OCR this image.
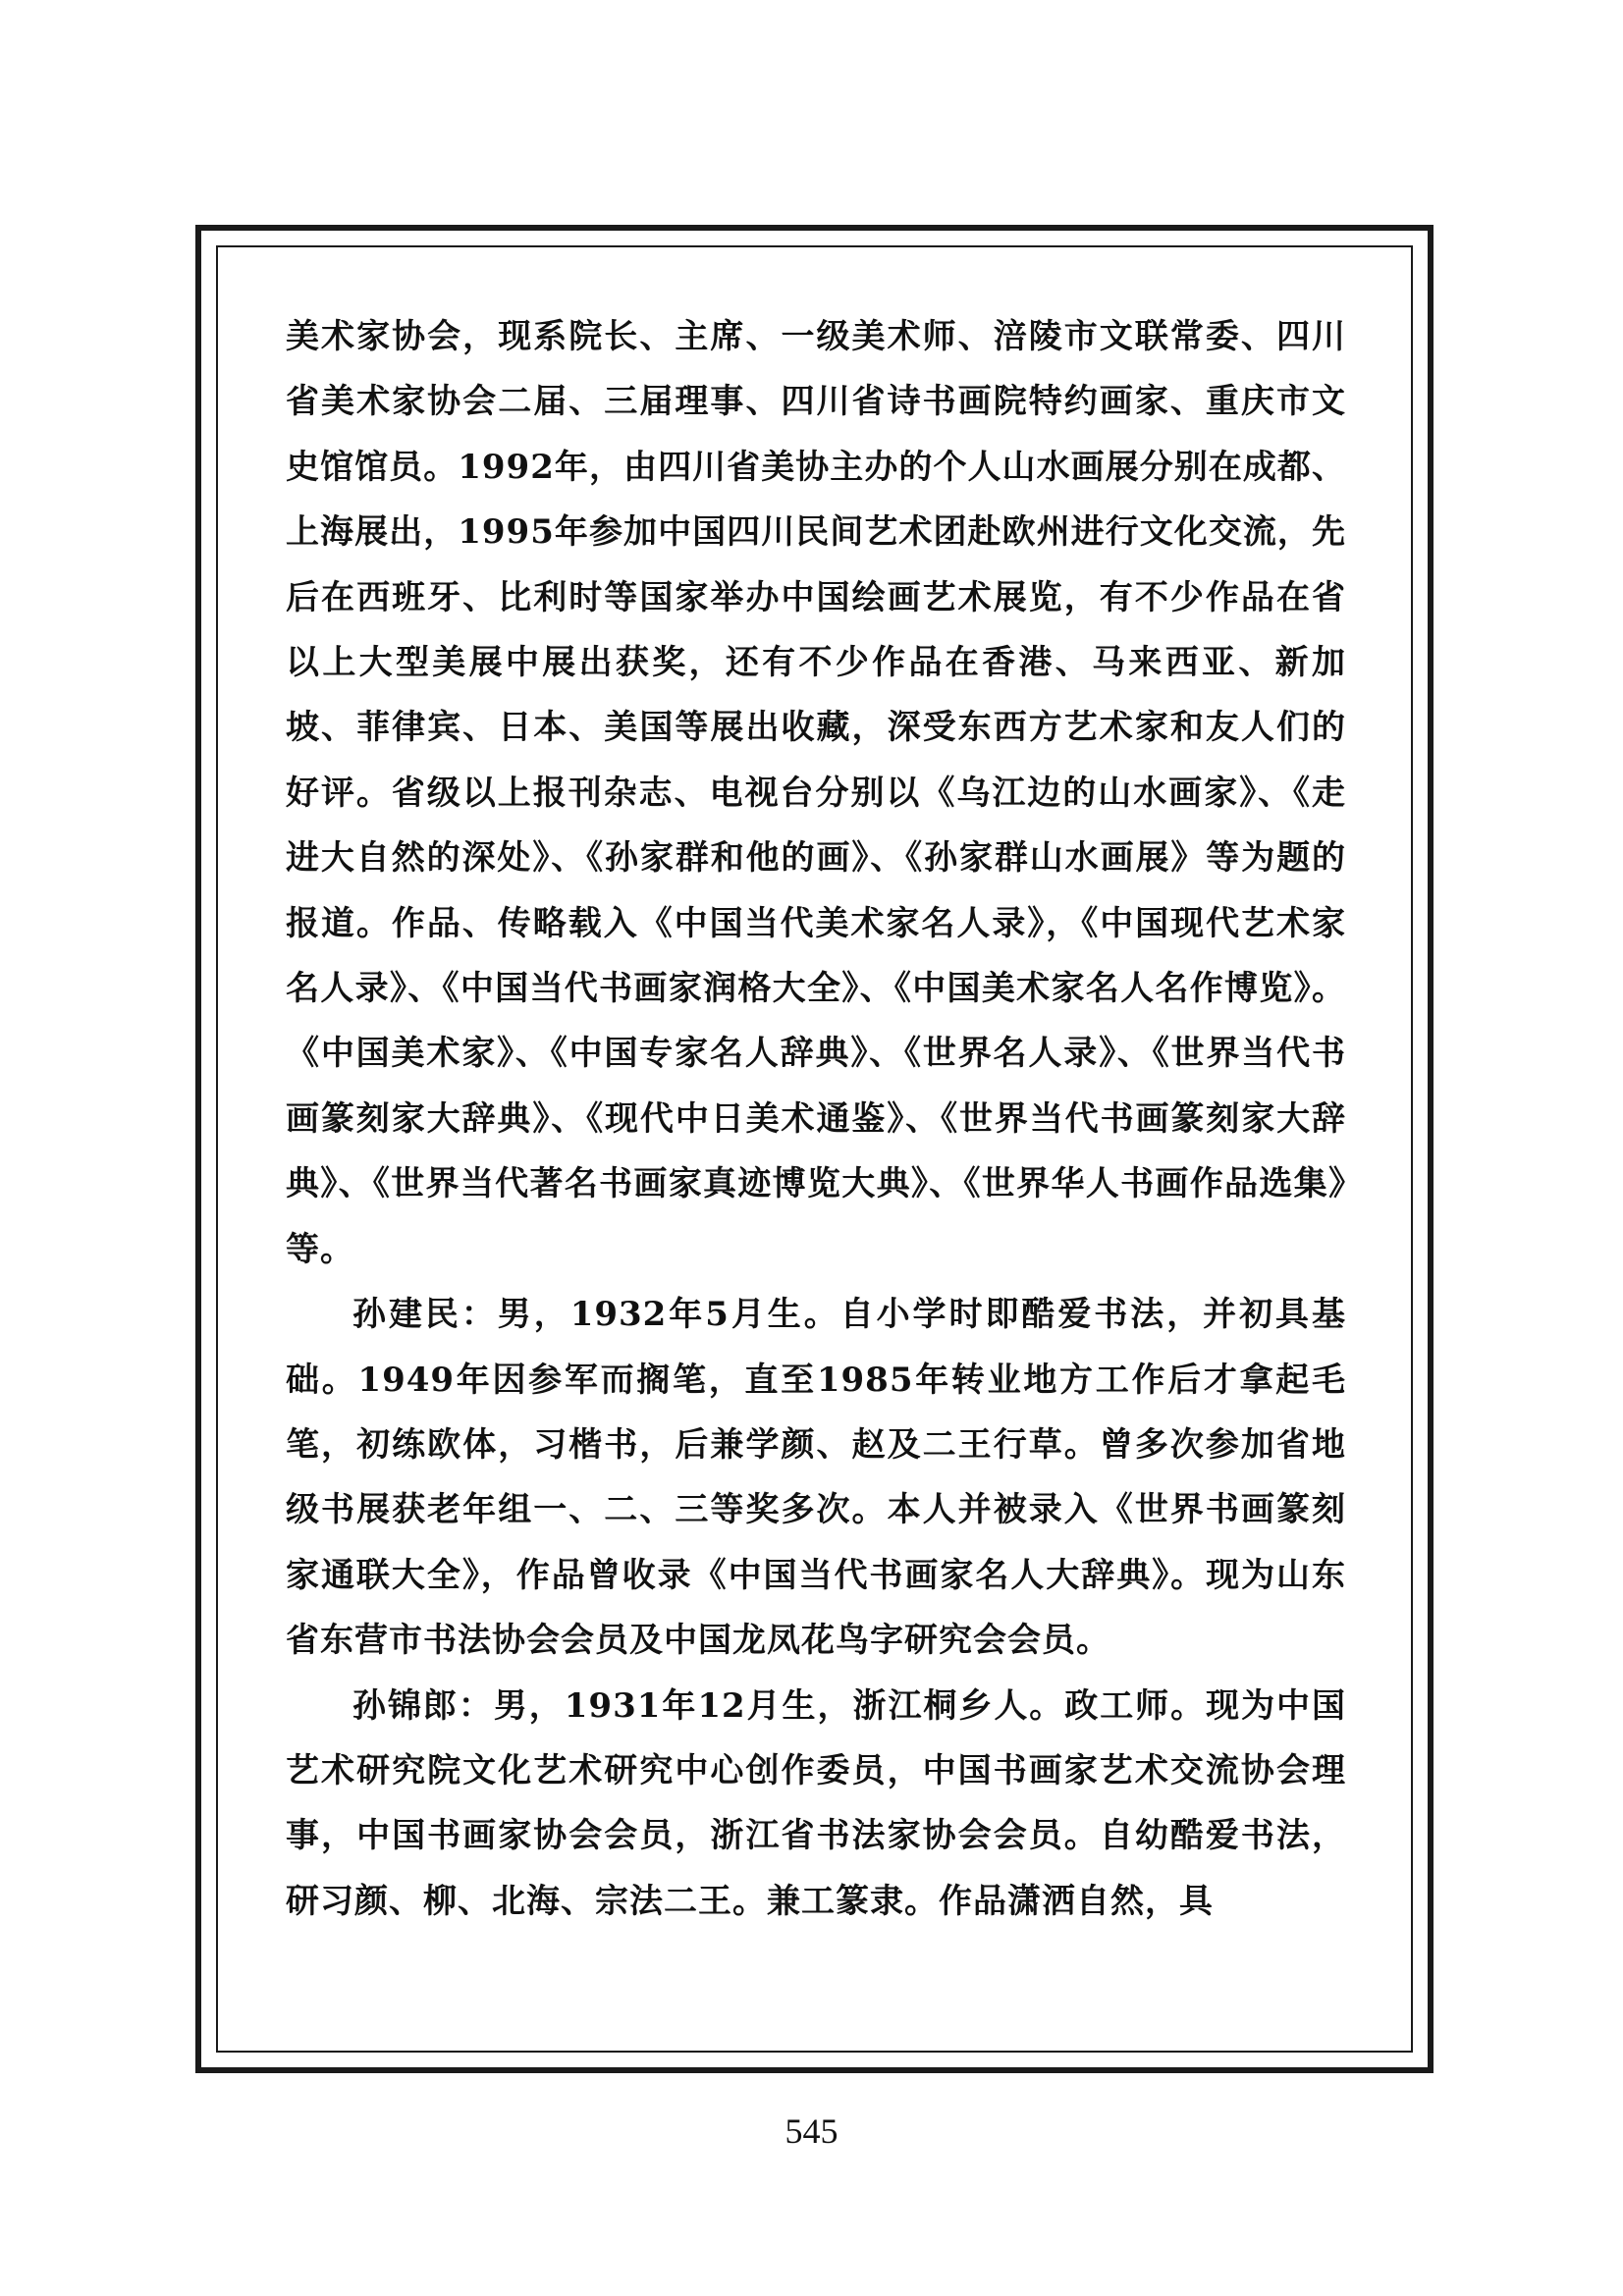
美术家协会，现系院长、主席、一级美术师、涪陵市文联常委、四川省美术家协会二届、三届理事、四川省诗书画院特约画家、重庆市文史馆馆员。1992年，由四川省美协主办的个人山水画展分别在成都、上海展出，1995年参加中国四川民间艺术团赴欧州进行文化交流，先后在西班牙、比利时等国家举办中国绘画艺术展览，有不少作品在省以上大型美展中展出获奖，还有不少作品在香港、马来西亚、新加坡、菲律宾、日本、美国等展出收藏，深受东西方艺术家和友人们的好评。省级以上报刊杂志、电视台分别以《乌江边的山水画家》、《走进大自然的深处》、《孙家群和他的画》、《孙家群山水画展》等为题的报道。作品、传略载入《中国当代美术家名人录》，《中国现代艺术家名人录》、《中国当代书画家润格大全》、《中国美术家名人名作博览》。《中国美术家》、《中国专家名人辞典》、《世界名人录》、《世界当代书画篆刻家大辞典》、《现代中日美术通鉴》、《世界当代书画篆刻家大辞典》、《世界当代著名书画家真迹博览大典》、《世界华人书画作品选集》等。

孙建民：男，1932年5月生。自小学时即酷爱书法，并初具基础。1949年因参军而搁笔，直至1985年转业地方工作后才拿起毛笔，初练欧体，习楷书，后兼学颜、赵及二王行草。曾多次参加省地级书展获老年组一、二、三等奖多次。本人并被录入《世界书画篆刻家通联大全》，作品曾收录《中国当代书画家名人大辞典》。现为山东省东营市书法协会会员及中国龙凤花鸟字研究会会员。

孙锦郎：男，1931年12月生，浙江桐乡人。政工师。现为中国艺术研究院文化艺术研究中心创作委员，中国书画家艺术交流协会理事，中国书画家协会会员，浙江省书法家协会会员。自幼酷爱书法，研习颜、柳、北海、宗法二王。兼工篆隶。作品潇洒自然，具

545
